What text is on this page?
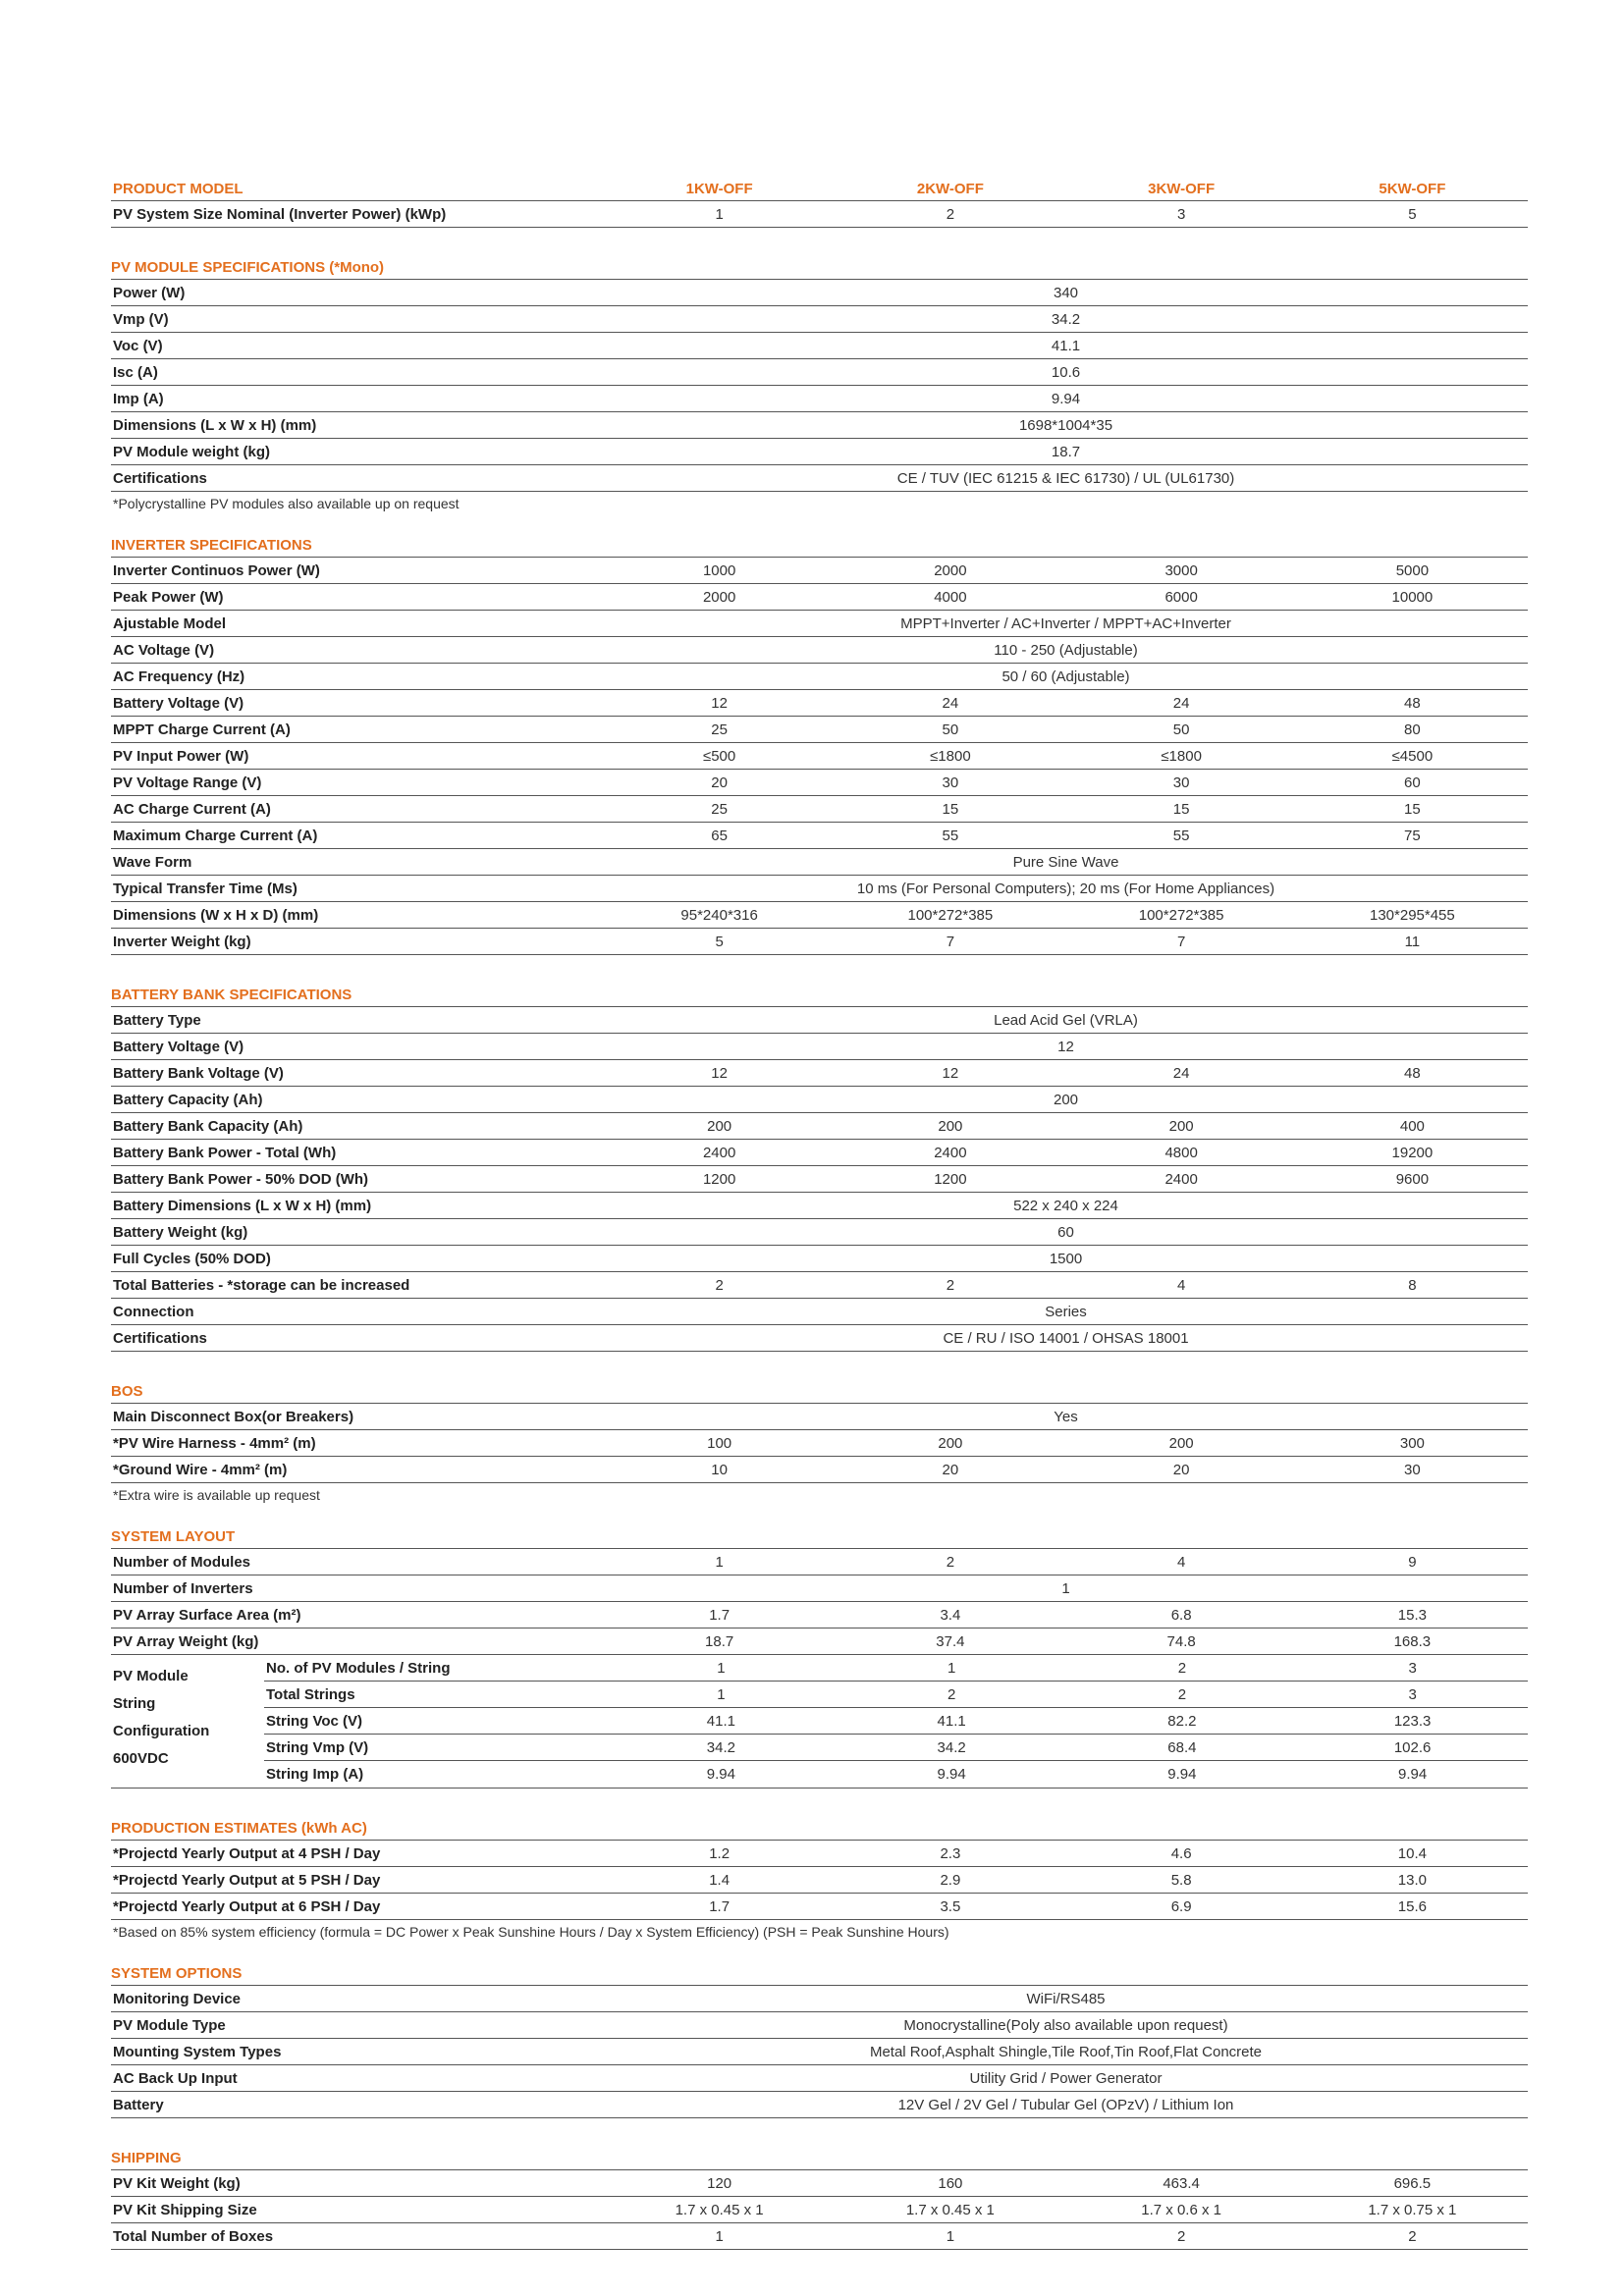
PRODUCT MODEL	1KW-OFF	2KW-OFF	3KW-OFF	5KW-OFF
PV System Size Nominal (Inverter Power) (kWp)	1	2	3	5
PV MODULE SPECIFICATIONS (*Mono)
Power (W)	340
Vmp (V)	34.2
Voc (V)	41.1
Isc (A)	10.6
Imp (A)	9.94
Dimensions (L x W x H) (mm)	1698*1004*35
PV Module weight (kg)	18.7
Certifications	CE / TUV (IEC 61215 & IEC 61730) / UL (UL61730)
*Polycrystalline PV modules also available up on request
INVERTER SPECIFICATIONS
Inverter Continuos Power (W)	1000	2000	3000	5000
Peak Power (W)	2000	4000	6000	10000
Ajustable Model	MPPT+Inverter / AC+Inverter / MPPT+AC+Inverter
AC Voltage (V)	110 - 250 (Adjustable)
AC Frequency (Hz)	50 / 60 (Adjustable)
Battery Voltage (V)	12	24	24	48
MPPT Charge Current (A)	25	50	50	80
PV Input Power (W)	≤500	≤1800	≤1800	≤4500
PV Voltage Range (V)	20	30	30	60
AC Charge Current (A)	25	15	15	15
Maximum Charge Current (A)	65	55	55	75
Wave Form	Pure Sine Wave
Typical Transfer Time (Ms)	10 ms (For Personal Computers); 20 ms (For Home Appliances)
Dimensions (W x H x D) (mm)	95*240*316	100*272*385	100*272*385	130*295*455
Inverter Weight (kg)	5	7	7	11
BATTERY BANK SPECIFICATIONS
Battery Type	Lead Acid Gel (VRLA)
Battery Voltage (V)	12
Battery Bank Voltage (V)	12	12	24	48
Battery Capacity (Ah)	200
Battery Bank Capacity (Ah)	200	200	200	400
Battery Bank Power - Total (Wh)	2400	2400	4800	19200
Battery Bank Power - 50% DOD (Wh)	1200	1200	2400	9600
Battery Dimensions (L x W x H) (mm)	522 x 240 x 224
Battery Weight (kg)	60
Full Cycles (50% DOD)	1500
Total Batteries - *storage can be increased	2	2	4	8
Connection	Series
Certifications	CE / RU / ISO 14001 / OHSAS 18001
BOS
Main Disconnect Box(or Breakers)	Yes
*PV Wire Harness - 4mm² (m)	100	200	200	300
*Ground Wire - 4mm² (m)	10	20	20	30
*Extra wire is available up request
SYSTEM LAYOUT
Number of Modules	1	2	4	9
Number of Inverters	1
PV Array Surface Area (m²)	1.7	3.4	6.8	15.3
PV Array Weight (kg)	18.7	37.4	74.8	168.3
PV Module
String
Configuration
600VDC
No. of PV Modules / String	1	1	2	3
Total Strings	1	2	2	3
String Voc (V)	41.1	41.1	82.2	123.3
String Vmp (V)	34.2	34.2	68.4	102.6
String Imp (A)	9.94	9.94	9.94	9.94
PRODUCTION ESTIMATES (kWh AC)
*Projectd Yearly Output at 4 PSH / Day	1.2	2.3	4.6	10.4
*Projectd Yearly Output at 5 PSH / Day	1.4	2.9	5.8	13.0
*Projectd Yearly Output at 6 PSH / Day	1.7	3.5	6.9	15.6
*Based on 85% system efficiency (formula = DC Power x Peak Sunshine Hours / Day x System Efficiency) (PSH = Peak Sunshine Hours)
SYSTEM OPTIONS
Monitoring Device	WiFi/RS485
PV Module Type	Monocrystalline(Poly also available upon request)
Mounting System Types	Metal Roof,Asphalt Shingle,Tile Roof,Tin Roof,Flat Concrete
AC Back Up Input	Utility Grid / Power Generator
Battery	12V Gel / 2V Gel / Tubular Gel (OPzV) / Lithium Ion
SHIPPING
PV Kit Weight (kg)	120	160	463.4	696.5
PV Kit Shipping Size	1.7 x 0.45 x 1	1.7 x 0.45 x 1	1.7 x 0.6 x 1	1.7 x 0.75 x 1
Total Number of Boxes	1	1	2	2
